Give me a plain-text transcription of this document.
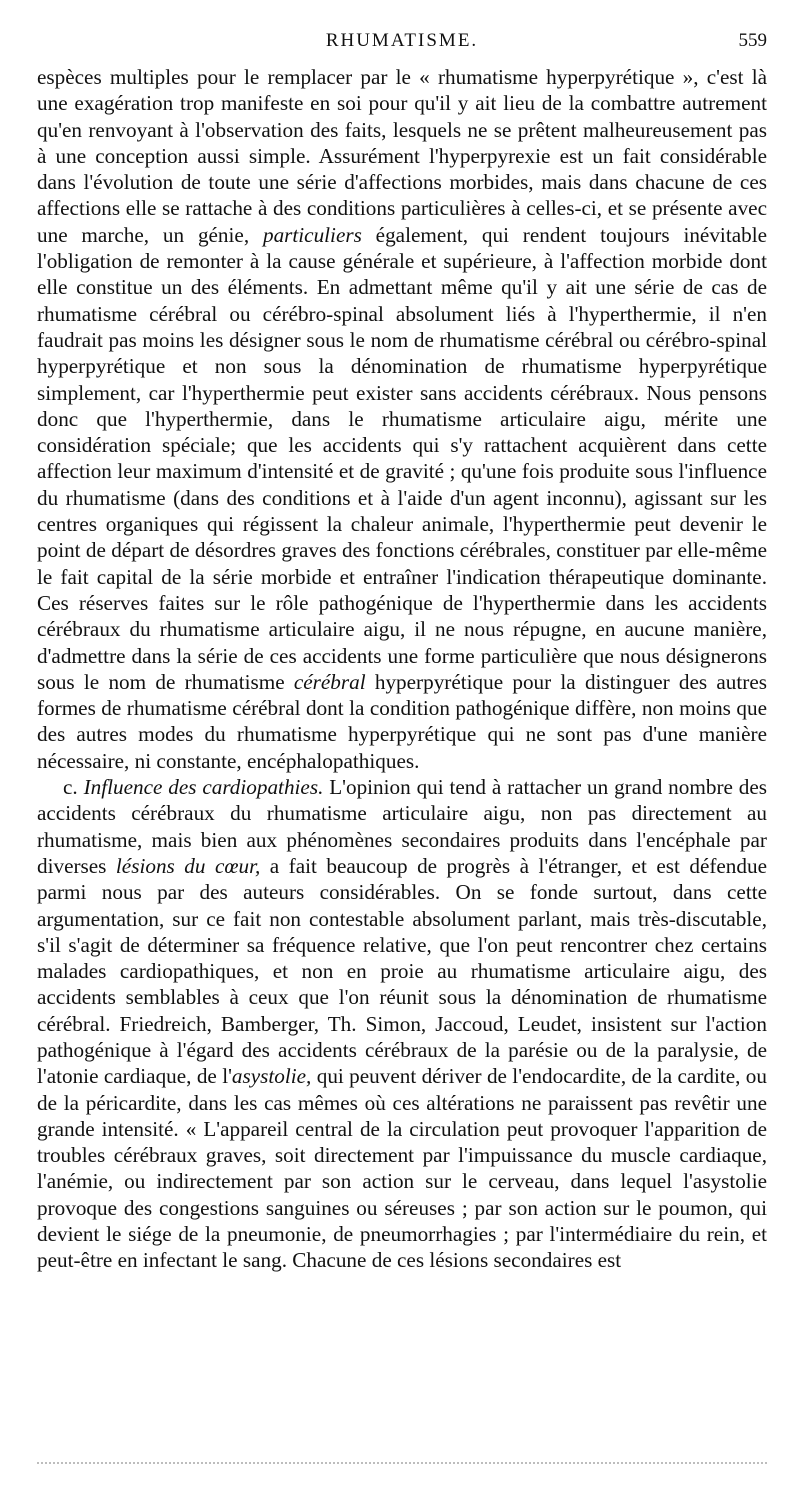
RHUMATISME.	559

espèces multiples pour le remplacer par le « rhumatisme hyperpyrétique », c'est là une exagération trop manifeste en soi pour qu'il y ait lieu de la combattre autrement qu'en renvoyant à l'observation des faits, lesquels ne se prêtent malheureusement pas à une conception aussi simple. Assurément l'hyperpyrexie est un fait considérable dans l'évolution de toute une série d'affections morbides, mais dans chacune de ces affections elle se rattache à des conditions particulières à celles-ci, et se présente avec une marche, un génie, particuliers également, qui rendent toujours inévitable l'obligation de remonter à la cause générale et supérieure, à l'affection morbide dont elle constitue un des éléments. En admettant même qu'il y ait une série de cas de rhumatisme cérébral ou cérébro-spinal absolument liés à l'hyperthermie, il n'en faudrait pas moins les désigner sous le nom de rhumatisme cérébral ou cérébro-spinal hyperpyrétique et non sous la dénomination de rhumatisme hyperpyrétique simplement, car l'hyperthermie peut exister sans accidents cérébraux. Nous pensons donc que l'hyperthermie, dans le rhumatisme articulaire aigu, mérite une considération spéciale; que les accidents qui s'y rattachent acquièrent dans cette affection leur maximum d'intensité et de gravité ; qu'une fois produite sous l'influence du rhumatisme (dans des conditions et à l'aide d'un agent inconnu), agissant sur les centres organiques qui régissent la chaleur animale, l'hyperthermie peut devenir le point de départ de désordres graves des fonctions cérébrales, constituer par elle-même le fait capital de la série morbide et entraîner l'indication thérapeutique dominante. Ces réserves faites sur le rôle pathogénique de l'hyperthermie dans les accidents cérébraux du rhumatisme articulaire aigu, il ne nous répugne, en aucune manière, d'admettre dans la série de ces accidents une forme particulière que nous désignerons sous le nom de rhumatisme cérébral hyperpyrétique pour la distinguer des autres formes de rhumatisme cérébral dont la condition pathogénique diffère, non moins que des autres modes du rhumatisme hyperpyrétique qui ne sont pas d'une manière nécessaire, ni constante, encéphalopathiques.

c. Influence des cardiopathies. L'opinion qui tend à rattacher un grand nombre des accidents cérébraux du rhumatisme articulaire aigu, non pas directement au rhumatisme, mais bien aux phénomènes secondaires produits dans l'encéphale par diverses lésions du cœur, a fait beaucoup de progrès à l'étranger, et est défendue parmi nous par des auteurs considérables. On se fonde surtout, dans cette argumentation, sur ce fait non contestable absolument parlant, mais très-discutable, s'il s'agit de déterminer sa fréquence relative, que l'on peut rencontrer chez certains malades cardiopathiques, et non en proie au rhumatisme articulaire aigu, des accidents semblables à ceux que l'on réunit sous la dénomination de rhumatisme cérébral. Friedreich, Bamberger, Th. Simon, Jaccoud, Leudet, insistent sur l'action pathogénique à l'égard des accidents cérébraux de la parésie ou de la paralysie, de l'atonie cardiaque, de l'asystolie, qui peuvent dériver de l'endocardite, de la cardite, ou de la péricardite, dans les cas mêmes où ces altérations ne paraissent pas revêtir une grande intensité. « L'appareil central de la circulation peut provoquer l'apparition de troubles cérébraux graves, soit directement par l'impuissance du muscle cardiaque, l'anémie, ou indirectement par son action sur le cerveau, dans lequel l'asystolie provoque des congestions sanguines ou séreuses ; par son action sur le poumon, qui devient le siége de la pneumonie, de pneumorrhagies ; par l'intermédiaire du rein, et peut-être en infectant le sang. Chacune de ces lésions secondaires est
